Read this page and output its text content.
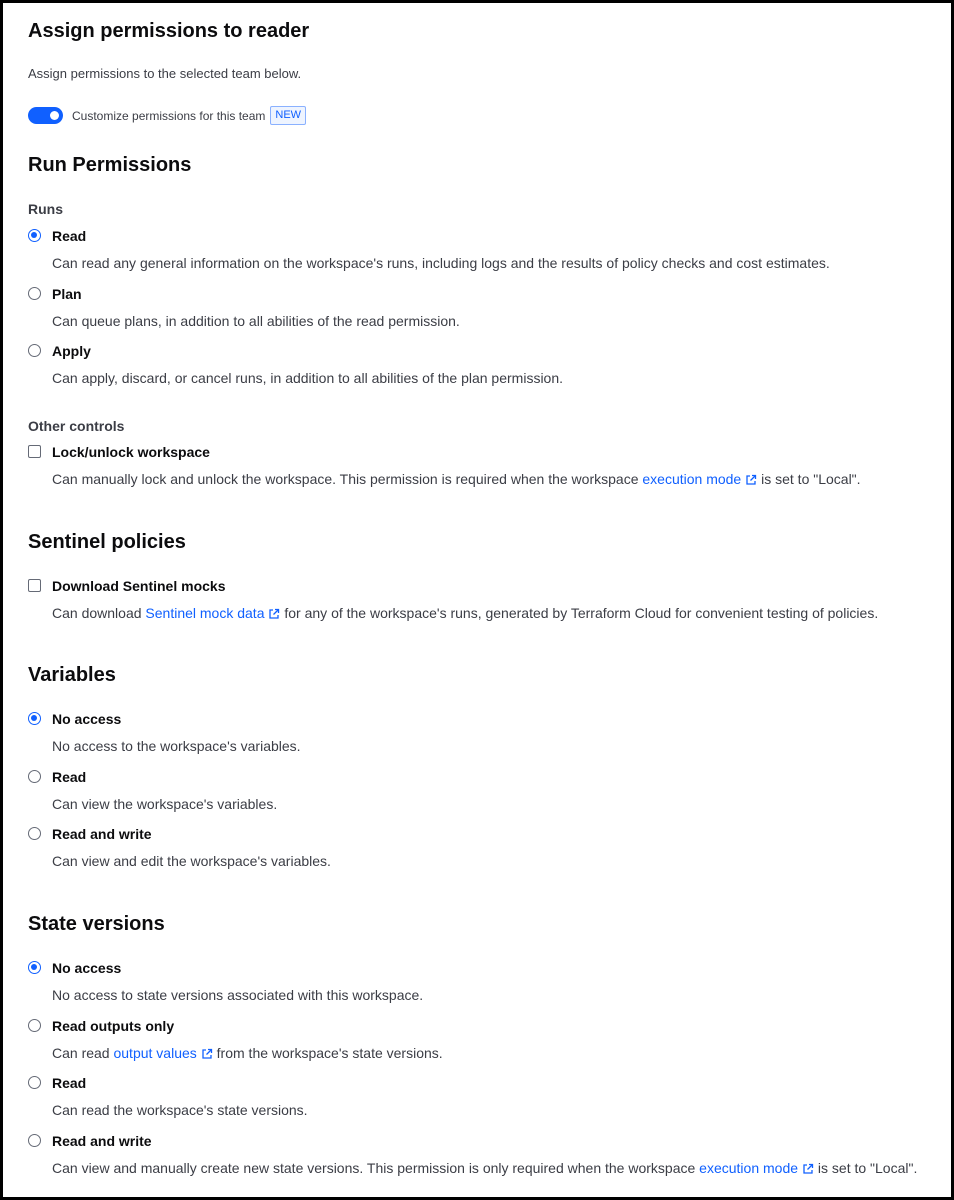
Assign permissions to reader
Assign permissions to the selected team below.
Customize permissions for this team NEW
Run Permissions
Runs
Read
Can read any general information on the workspace's runs, including logs and the results of policy checks and cost estimates.
Plan
Can queue plans, in addition to all abilities of the read permission.
Apply
Can apply, discard, or cancel runs, in addition to all abilities of the plan permission.
Other controls
Lock/unlock workspace
Can manually lock and unlock the workspace. This permission is required when the workspace execution mode is set to "Local".
Sentinel policies
Download Sentinel mocks
Can download Sentinel mock data for any of the workspace's runs, generated by Terraform Cloud for convenient testing of policies.
Variables
No access
No access to the workspace's variables.
Read
Can view the workspace's variables.
Read and write
Can view and edit the workspace's variables.
State versions
No access
No access to state versions associated with this workspace.
Read outputs only
Can read output values from the workspace's state versions.
Read
Can read the workspace's state versions.
Read and write
Can view and manually create new state versions. This permission is only required when the workspace execution mode is set to "Local".
